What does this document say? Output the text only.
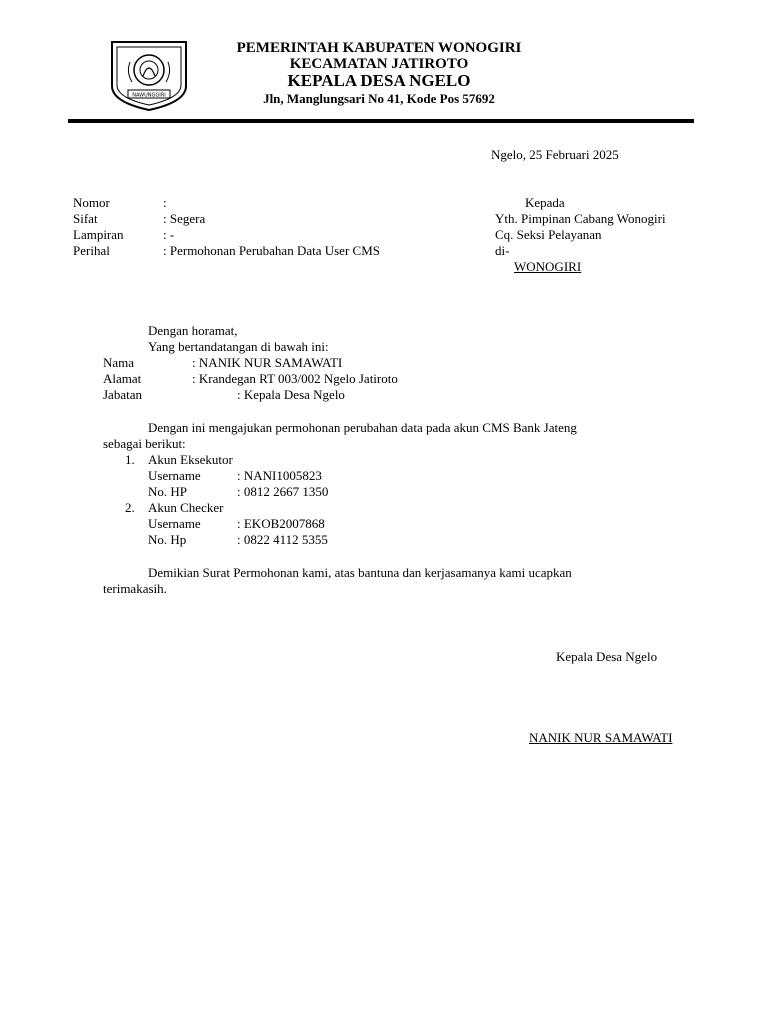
NAWUNGGIRI
PEMERINTAH KABUPATEN WONOGIRI
KECAMATAN JATIROTO
KEPALA DESA NGELO
Jln, Manglungsari No 41, Kode Pos 57692
Ngelo, 25 Februari 2025
Nomor	:
Sifat	: Segera
Lampiran	: -
Perihal	: Permohonan Perubahan Data User CMS
Kepada
Yth. Pimpinan Cabang Wonogiri
Cq. Seksi Pelayanan
di-
WONOGIRI
Dengan horamat,
Yang bertandatangan di bawah ini:
Nama	: NANIK NUR SAMAWATI
Alamat	: Krandegan RT 003/002 Ngelo Jatiroto
Jabatan	: Kepala Desa Ngelo
Dengan ini mengajukan permohonan perubahan data pada akun CMS Bank Jateng
sebagai berikut:
1. Akun Eksekutor
Username	: NANI1005823
No. HP	: 0812 2667 1350
2. Akun Checker
Username	: EKOB2007868
No. Hp	: 0822 4112 5355
Demikian Surat Permohonan kami, atas bantuna dan kerjasamanya kami ucapkan
terimakasih.
Kepala Desa Ngelo
NANIK NUR SAMAWATI
